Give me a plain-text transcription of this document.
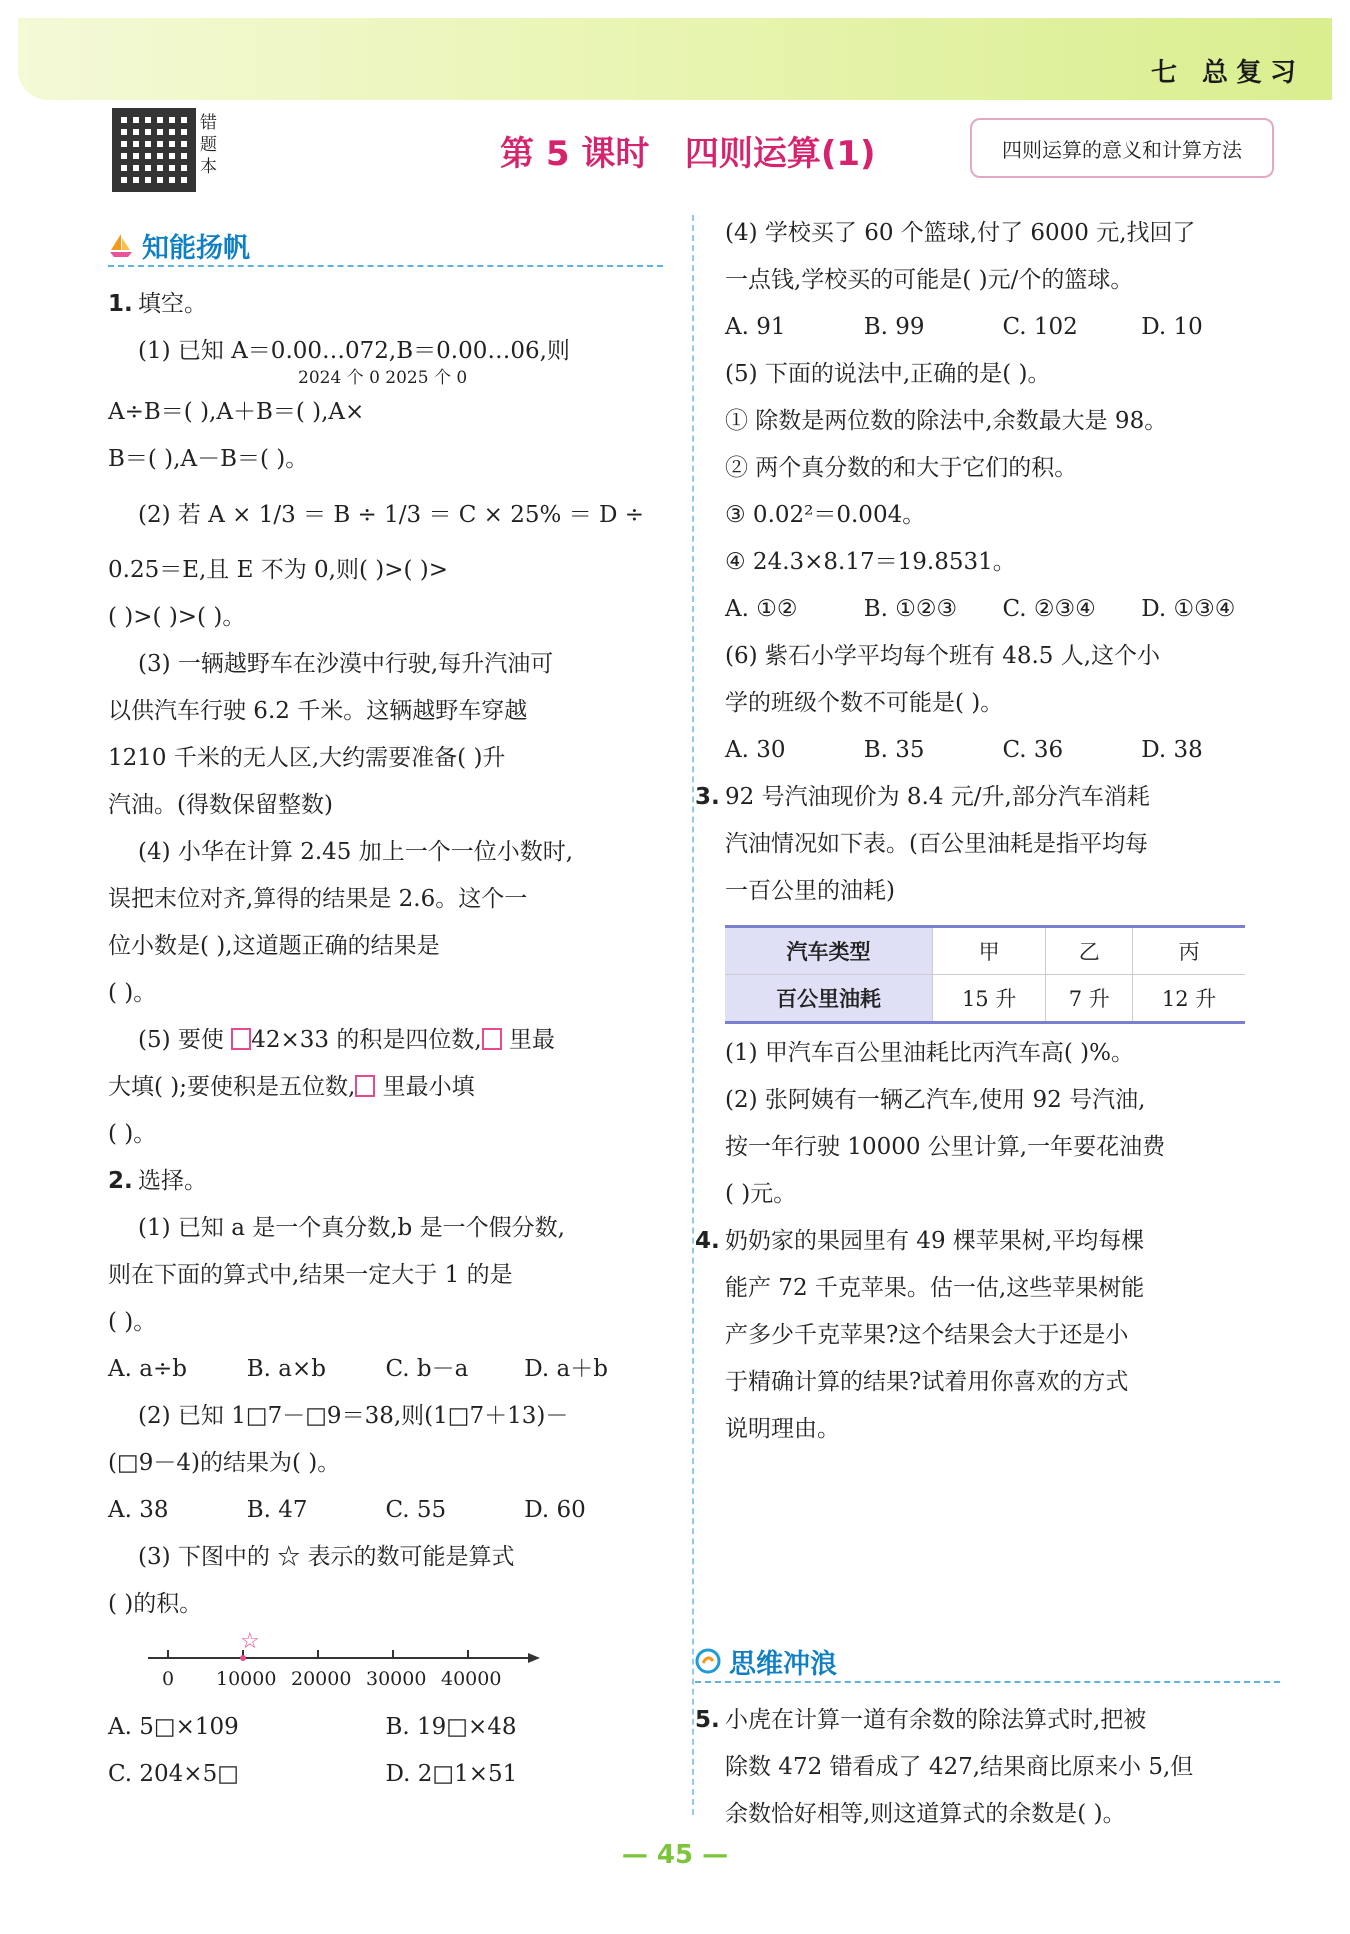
七 总复习
错题本	第 5 课时   四则运算(1)	四则运算的意义和计算方法
知能扬帆
1. 填空。
(1) 已知 A＝0.00…072,B＝0.00…06,则
2024 个 0 2025 个 0
A÷B＝( ),A＋B＝( ),A×
B＝( ),A－B＝( )。
(2) 若 A × 1/3 ＝ B ÷ 1/3 ＝ C × 25% ＝ D ÷
0.25＝E,且 E 不为 0,则( )>( )>
( )>( )>( )。
(3) 一辆越野车在沙漠中行驶,每升汽油可
以供汽车行驶 6.2 千米。这辆越野车穿越
1210 千米的无人区,大约需要准备( )升
汽油。(得数保留整数)
(4) 小华在计算 2.45 加上一个一位小数时,
误把末位对齐,算得的结果是 2.6。这个一
位小数是( ),这道题正确的结果是
( )。
(5) 要使 42×33 的积是四位数, 里最
大填( );要使积是五位数, 里最小填
( )。
2. 选择。
(1) 已知 a 是一个真分数,b 是一个假分数,
则在下面的算式中,结果一定大于 1 的是
( )。
A. a÷b	B. a×b	C. b－a	D. a＋b
(2) 已知 1□7－□9＝38,则(1□7＋13)－
(□9－4)的结果为( )。
A. 38	B. 47	C. 55	D. 60
(3) 下图中的 ☆ 表示的数可能是算式
( )的积。
☆
0 10000 20000 30000 40000
A. 5□×109	B. 19□×48
C. 204×5□	D. 2□1×51
(4) 学校买了 60 个篮球,付了 6000 元,找回了
一点钱,学校买的可能是( )元/个的篮球。
A. 91	B. 99	C. 102	D. 10
(5) 下面的说法中,正确的是( )。
① 除数是两位数的除法中,余数最大是 98。
② 两个真分数的和大于它们的积。
③ 0.02²＝0.004。
④ 24.3×8.17＝19.8531。
A. ①②	B. ①②③	C. ②③④	D. ①③④
(6) 紫石小学平均每个班有 48.5 人,这个小
学的班级个数不可能是( )。
A. 30	B. 35	C. 36	D. 38
3. 92 号汽油现价为 8.4 元/升,部分汽车消耗
汽油情况如下表。(百公里油耗是指平均每
一百公里的油耗)
汽车类型	甲	乙	丙
百公里油耗	15 升	7 升	12 升
(1) 甲汽车百公里油耗比丙汽车高( )%。
(2) 张阿姨有一辆乙汽车,使用 92 号汽油,
按一年行驶 10000 公里计算,一年要花油费
( )元。
4. 奶奶家的果园里有 49 棵苹果树,平均每棵
能产 72 千克苹果。估一估,这些苹果树能
产多少千克苹果?这个结果会大于还是小
于精确计算的结果?试着用你喜欢的方式
说明理由。
思维冲浪
5. 小虎在计算一道有余数的除法算式时,把被
除数 472 错看成了 427,结果商比原来小 5,但
余数恰好相等,则这道算式的余数是( )。
— 45 —
